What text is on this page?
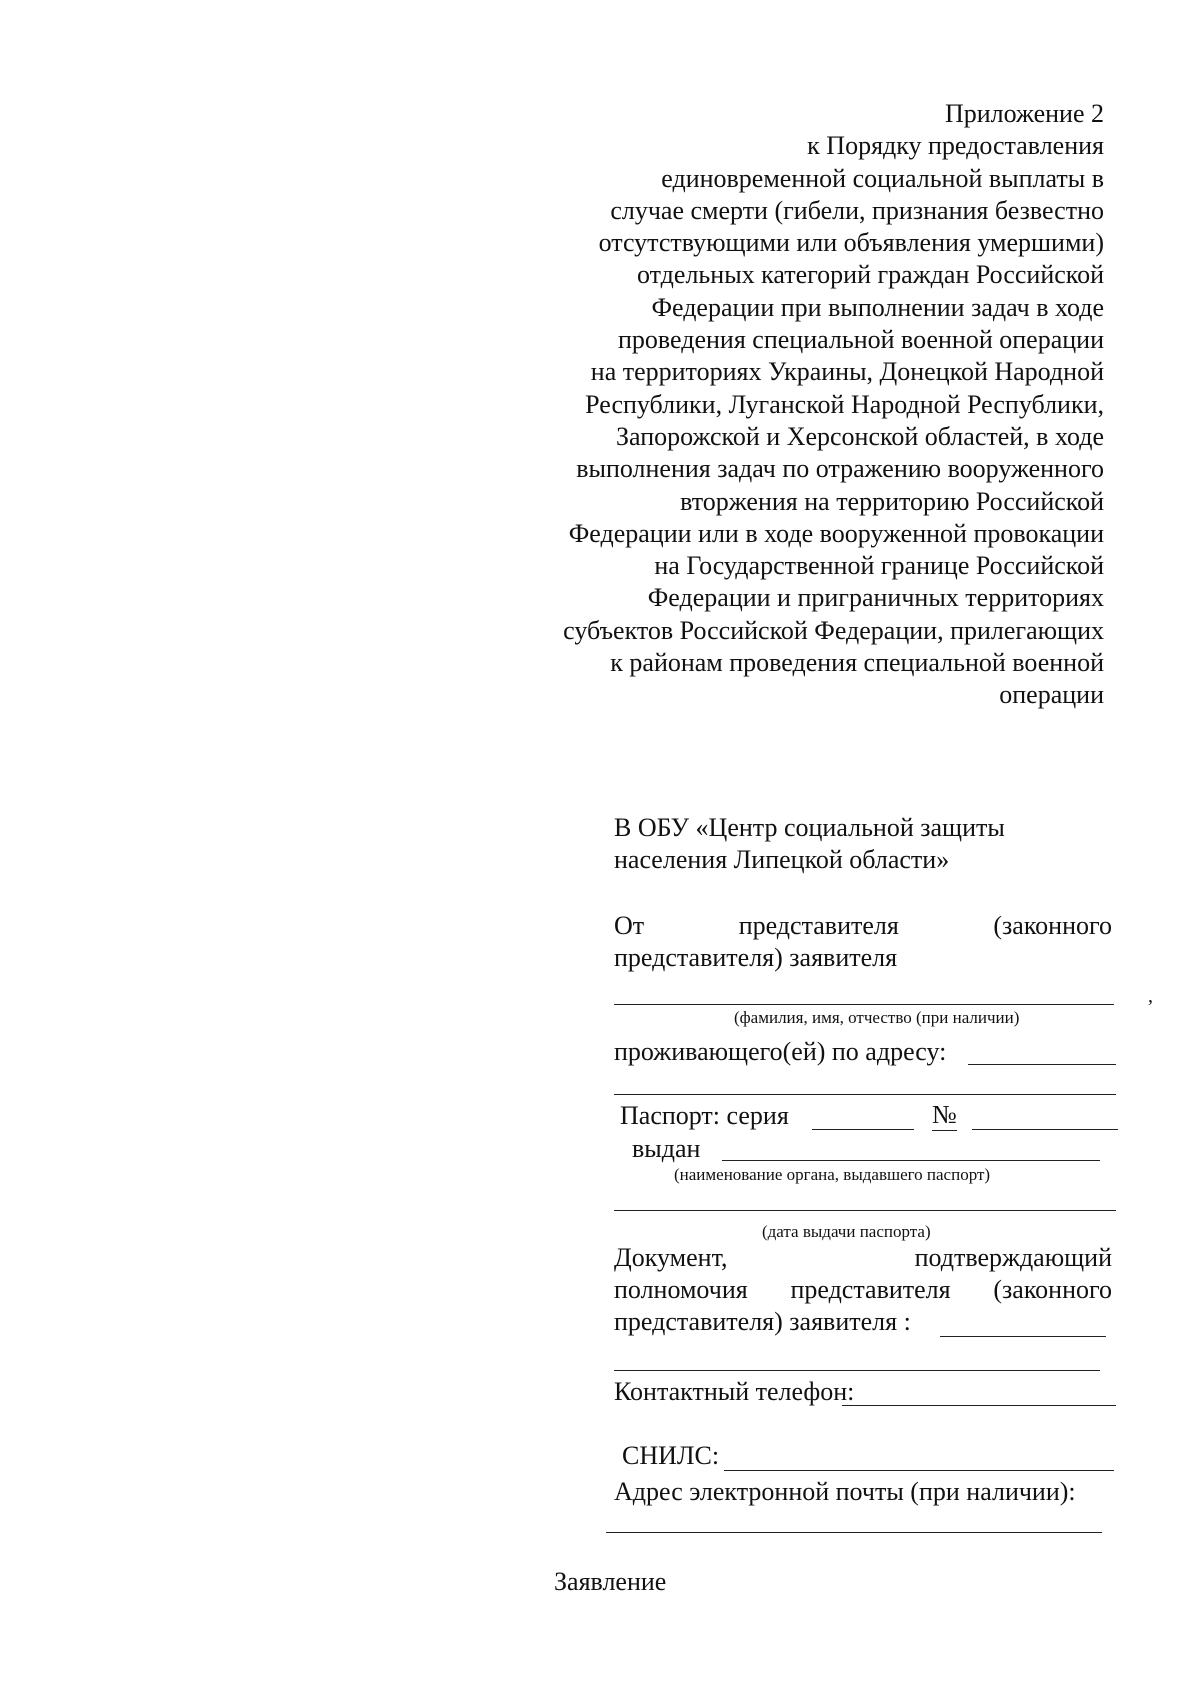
Приложение 2
к Порядку предоставления
единовременной социальной выплаты в
случае смерти (гибели, признания безвестно
отсутствующими или объявления умершими)
отдельных категорий граждан Российской
Федерации при выполнении задач в ходе
проведения специальной военной операции
на территориях Украины, Донецкой Народной
Республики, Луганской Народной Республики,
Запорожской и Херсонской областей, в ходе
выполнения задач по отражению вооруженного
вторжения на территорию Российской
Федерации или в ходе вооруженной провокации
на Государственной границе Российской
Федерации и приграничных территориях
субъектов Российской Федерации, прилегающих
к районам проведения специальной военной
операции
В ОБУ «Центр социальной защиты
населения Липецкой области»
От	представителя	(законного
представителя) заявителя
,
(фамилия, имя, отчество (при наличии)
проживающего(ей) по адресу:
Паспорт: серия	№
выдан
(наименование органа, выдавшего паспорт)
(дата выдачи паспорта)
Документ,	подтверждающий
полномочия представителя (законного
представителя) заявителя :
Контактный телефон:
СНИЛС:
Адрес электронной почты (при наличии):
Заявление
